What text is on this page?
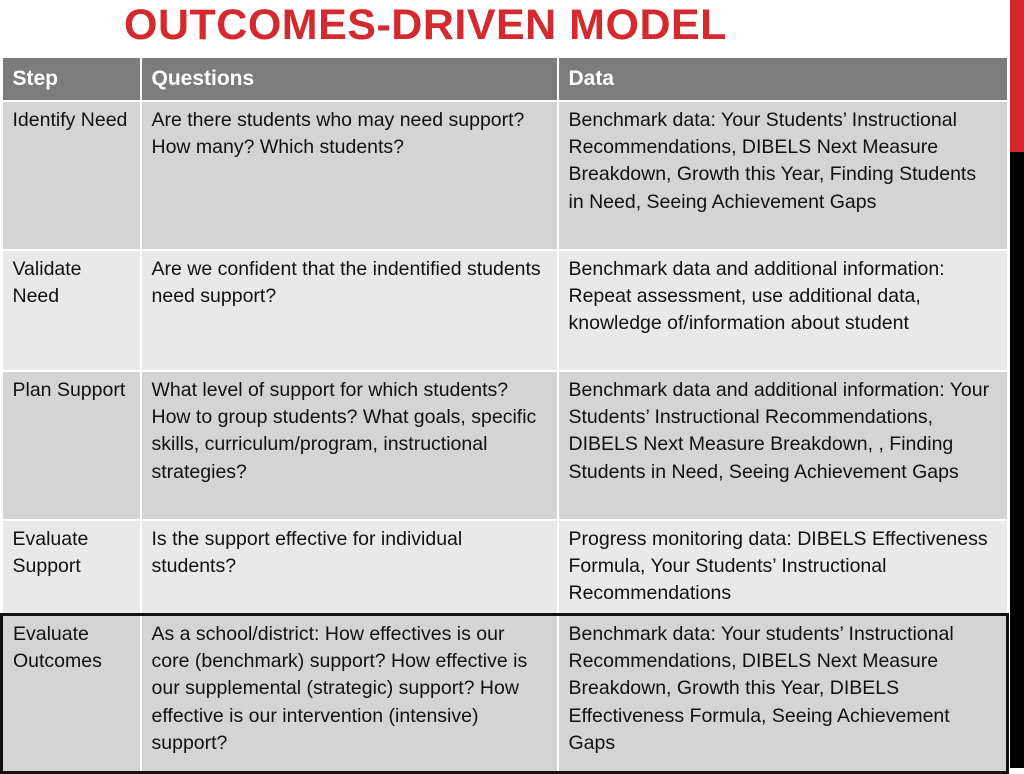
OUTCOMES-DRIVEN MODEL
Step	Questions	Data
Identify Need	Are there students who may need support? How many? Which students?	Benchmark data: Your Students’ Instructional Recommendations, DIBELS Next Measure Breakdown, Growth this Year, Finding Students in Need, Seeing Achievement Gaps
Validate Need	Are we confident that the indentified students need support?	Benchmark data and additional information: Repeat assessment, use additional data, knowledge of/information about student
Plan Support	What level of support for which students? How to group students? What goals, specific skills, curriculum/program, instructional strategies?	Benchmark data and additional information: Your Students’ Instructional Recommendations, DIBELS Next Measure Breakdown, , Finding Students in Need, Seeing Achievement Gaps
Evaluate Support	Is the support effective for individual students?	Progress monitoring data: DIBELS Effectiveness Formula, Your Students’ Instructional Recommendations
Evaluate Outcomes	As a school/district: How effectives is our core (benchmark) support? How effective is our supplemental (strategic) support? How effective is our intervention (intensive) support?	Benchmark data: Your students’ Instructional Recommendations, DIBELS Next Measure Breakdown, Growth this Year, DIBELS Effectiveness Formula, Seeing Achievement Gaps
